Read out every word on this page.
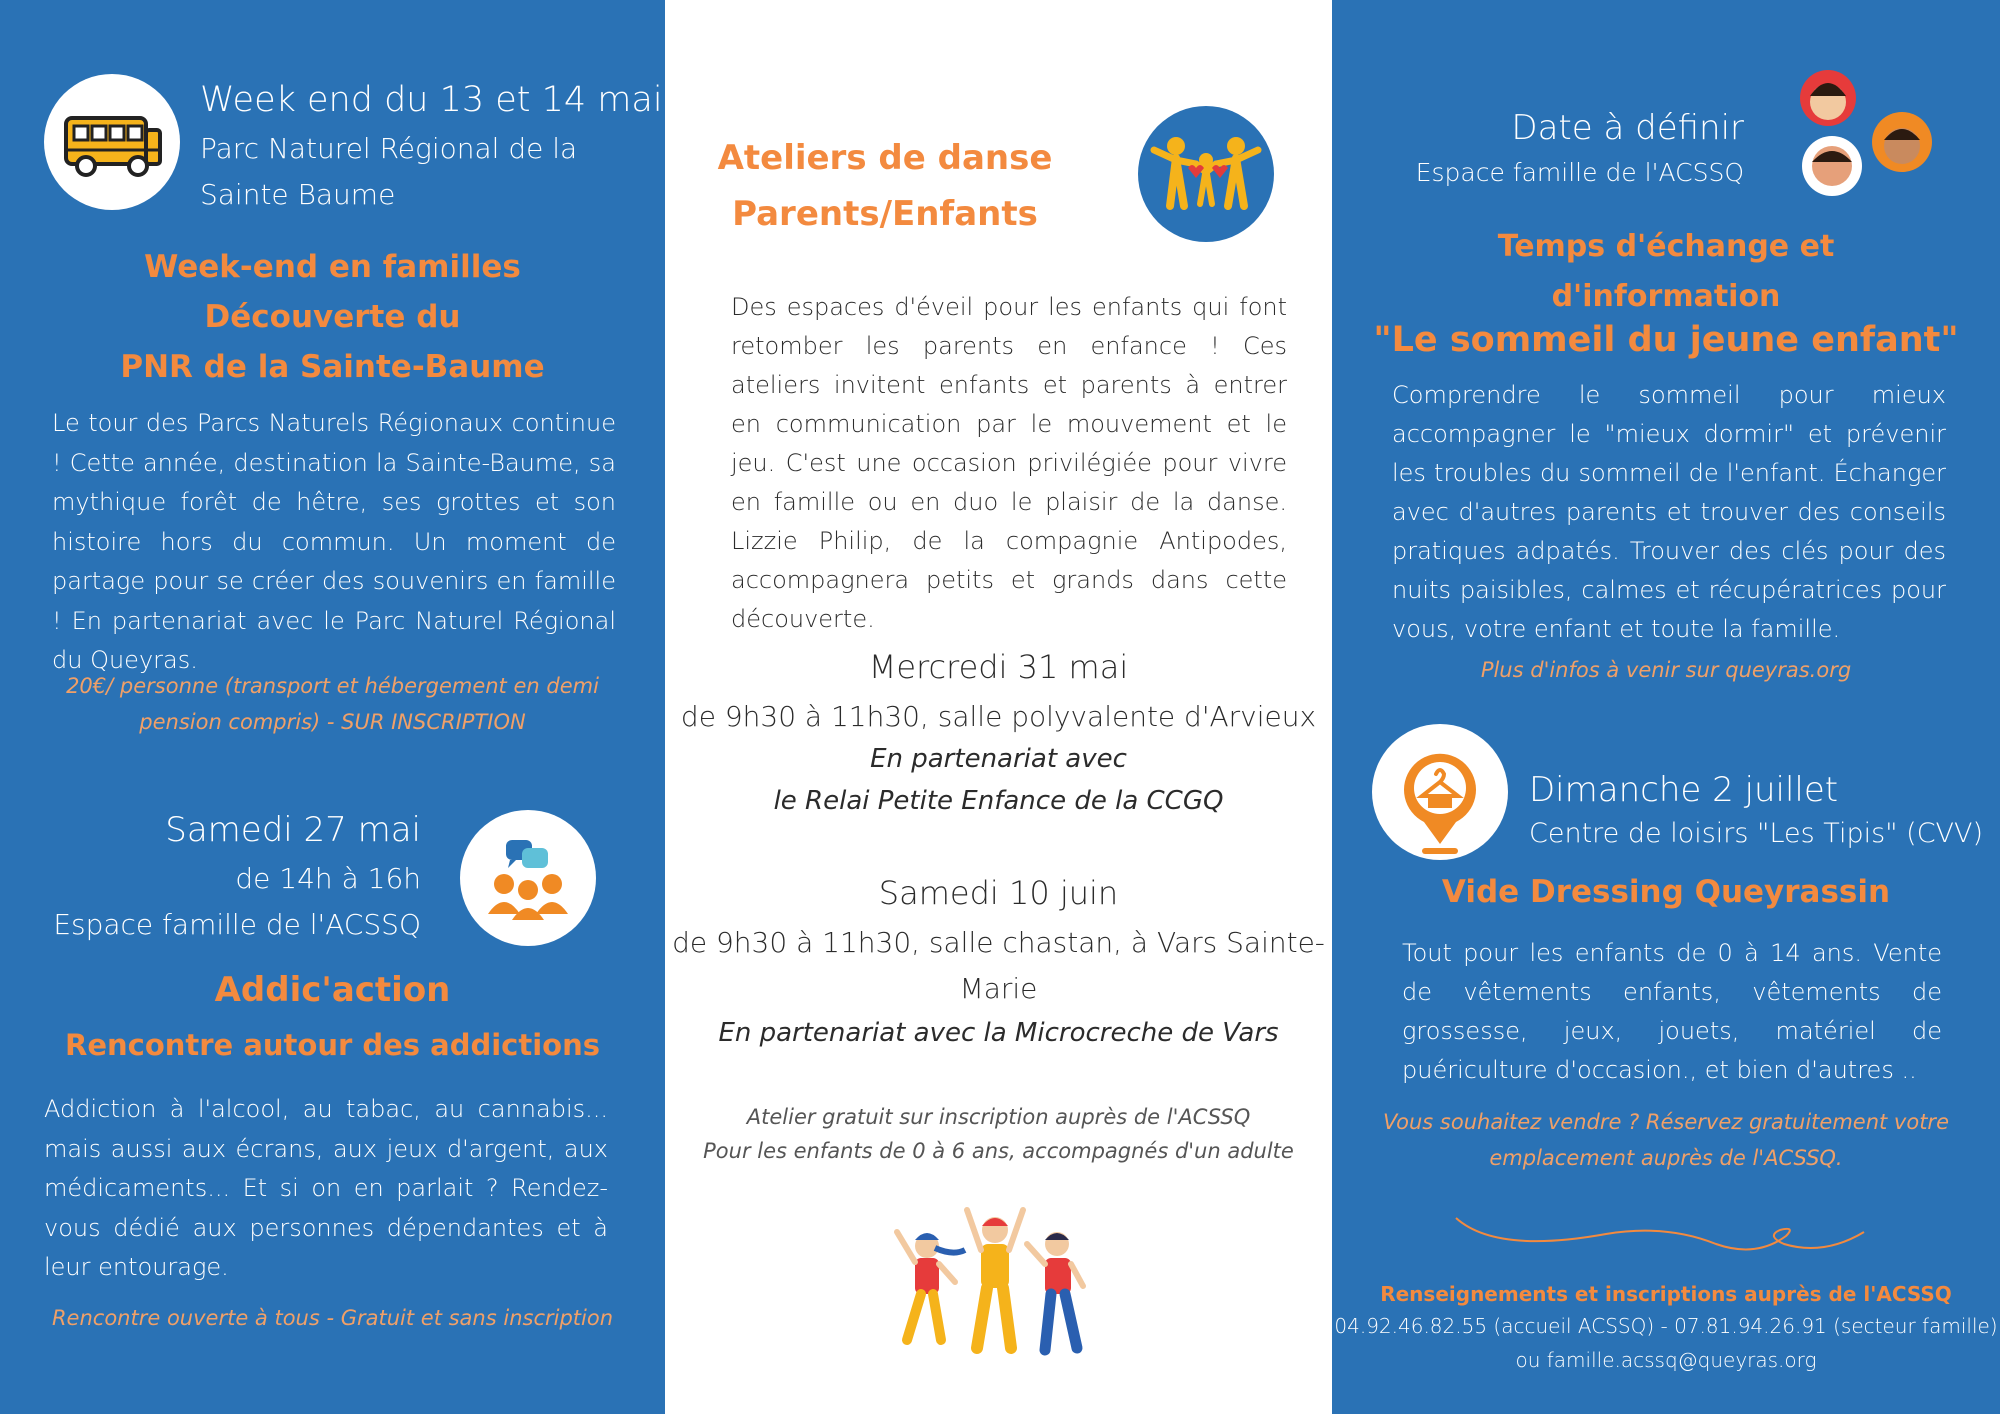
Week end du 13 et 14 mai
Parc Naturel Régional de la
Sainte Baume
Week-end en familles
Découverte du
PNR de la Sainte-Baume
Le tour des Parcs Naturels Régionaux continue ! Cette année, destination la Sainte-Baume, sa mythique forêt de hêtre, ses grottes et son histoire hors du commun. Un moment de partage pour se créer des souvenirs en famille ! En partenariat avec le Parc Naturel Régional du Queyras.
20€/ personne (transport et hébergement en demi
pension compris) - SUR INSCRIPTION
Samedi 27 mai
de 14h à 16h
Espace famille de l'ACSSQ
Addic'action
Rencontre autour des addictions
Addiction à l'alcool, au tabac, au cannabis... mais aussi aux écrans, aux jeux d'argent, aux médicaments... Et si on en parlait ? Rendez-vous dédié aux personnes dépendantes et à leur entourage.
Rencontre ouverte à tous - Gratuit et sans inscription
Ateliers de danse
Parents/Enfants
Des espaces d'éveil pour les enfants qui font retomber les parents en enfance ! Ces ateliers invitent enfants et parents à entrer en communication par le mouvement et le jeu. C'est une occasion privilégiée pour vivre en famille ou en duo le plaisir de la danse. Lizzie Philip, de la compagnie Antipodes, accompagnera petits et grands dans cette découverte.
Mercredi 31 mai
de 9h30 à 11h30, salle polyvalente d'Arvieux
En partenariat avec
le Relai Petite Enfance de la CCGQ
Samedi 10 juin
de 9h30 à 11h30, salle chastan, à Vars Sainte-
Marie
En partenariat avec la Microcreche de Vars
Atelier gratuit sur inscription auprès de l'ACSSQ
Pour les enfants de 0 à 6 ans, accompagnés d'un adulte
Date à définir
Espace famille de l'ACSSQ
Temps d'échange et
d'information
"Le sommeil du jeune enfant"
Comprendre le sommeil pour mieux accompagner le "mieux dormir" et prévenir les troubles du sommeil de l'enfant. Échanger avec d'autres parents et trouver des conseils pratiques adpatés. Trouver des clés pour des nuits paisibles, calmes et récupératrices pour vous, votre enfant et toute la famille.
Plus d'infos à venir sur queyras.org
Dimanche 2 juillet
Centre de loisirs "Les Tipis" (CVV)
Vide Dressing Queyrassin
Tout pour les enfants de 0 à 14 ans. Vente de vêtements enfants, vêtements de grossesse, jeux, jouets, matériel de puériculture d'occasion., et bien d'autres ..
Vous souhaitez vendre ? Réservez gratuitement votre
emplacement auprès de l'ACSSQ.
Renseignements et inscriptions auprès de l'ACSSQ
04.92.46.82.55 (accueil ACSSQ) - 07.81.94.26.91 (secteur famille)
ou famille.acssq@queyras.org
